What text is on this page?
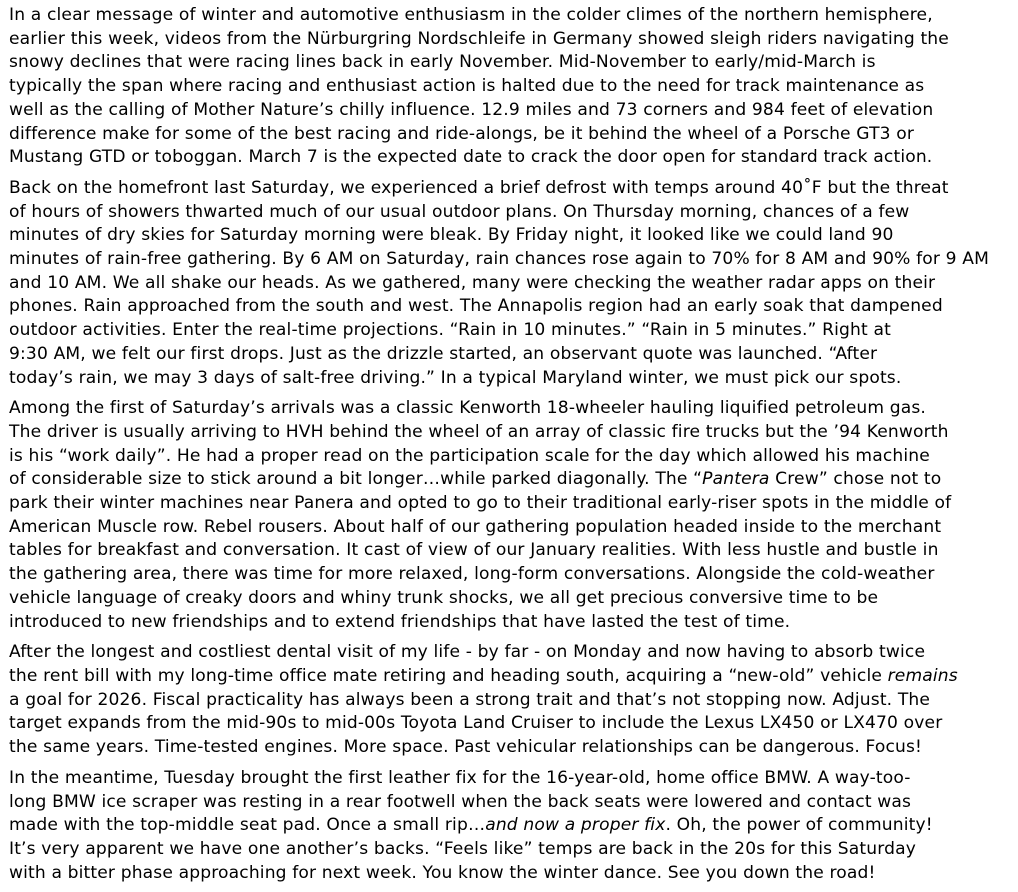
In a clear message of winter and automotive enthusiasm in the colder climes of the northern hemisphere,
earlier this week, videos from the Nürburgring Nordschleife in Germany showed sleigh riders navigating the
snowy declines that were racing lines back in early November. Mid-November to early/mid-March is
typically the span where racing and enthusiast action is halted due to the need for track maintenance as
well as the calling of Mother Nature’s chilly influence. 12.9 miles and 73 corners and 984 feet of elevation
difference make for some of the best racing and ride-alongs, be it behind the wheel of a Porsche GT3 or
Mustang GTD or toboggan. March 7 is the expected date to crack the door open for standard track action.

Back on the homefront last Saturday, we experienced a brief defrost with temps around 40˚F but the threat
of hours of showers thwarted much of our usual outdoor plans. On Thursday morning, chances of a few
minutes of dry skies for Saturday morning were bleak. By Friday night, it looked like we could land 90
minutes of rain-free gathering. By 6 AM on Saturday, rain chances rose again to 70% for 8 AM and 90% for 9 AM
and 10 AM. We all shake our heads. As we gathered, many were checking the weather radar apps on their
phones. Rain approached from the south and west. The Annapolis region had an early soak that dampened
outdoor activities. Enter the real-time projections. “Rain in 10 minutes.” “Rain in 5 minutes.” Right at
9:30 AM, we felt our first drops. Just as the drizzle started, an observant quote was launched. “After
today’s rain, we may 3 days of salt-free driving.” In a typical Maryland winter, we must pick our spots.

Among the first of Saturday’s arrivals was a classic Kenworth 18-wheeler hauling liquified petroleum gas.
The driver is usually arriving to HVH behind the wheel of an array of classic fire trucks but the ’94 Kenworth
is his “work daily”. He had a proper read on the participation scale for the day which allowed his machine
of considerable size to stick around a bit longer…while parked diagonally. The “Pantera Crew” chose not to
park their winter machines near Panera and opted to go to their traditional early-riser spots in the middle of
American Muscle row. Rebel rousers. About half of our gathering population headed inside to the merchant
tables for breakfast and conversation. It cast of view of our January realities. With less hustle and bustle in
the gathering area, there was time for more relaxed, long-form conversations. Alongside the cold-weather
vehicle language of creaky doors and whiny trunk shocks, we all get precious conversive time to be
introduced to new friendships and to extend friendships that have lasted the test of time.

After the longest and costliest dental visit of my life - by far - on Monday and now having to absorb twice
the rent bill with my long-time office mate retiring and heading south, acquiring a “new-old” vehicle remains
a goal for 2026. Fiscal practicality has always been a strong trait and that’s not stopping now. Adjust. The
target expands from the mid-90s to mid-00s Toyota Land Cruiser to include the Lexus LX450 or LX470 over
the same years. Time-tested engines. More space. Past vehicular relationships can be dangerous. Focus!

In the meantime, Tuesday brought the first leather fix for the 16-year-old, home office BMW. A way-too-
long BMW ice scraper was resting in a rear footwell when the back seats were lowered and contact was
made with the top-middle seat pad. Once a small rip…and now a proper fix. Oh, the power of community!
It’s very apparent we have one another’s backs. “Feels like” temps are back in the 20s for this Saturday
with a bitter phase approaching for next week. You know the winter dance. See you down the road!
